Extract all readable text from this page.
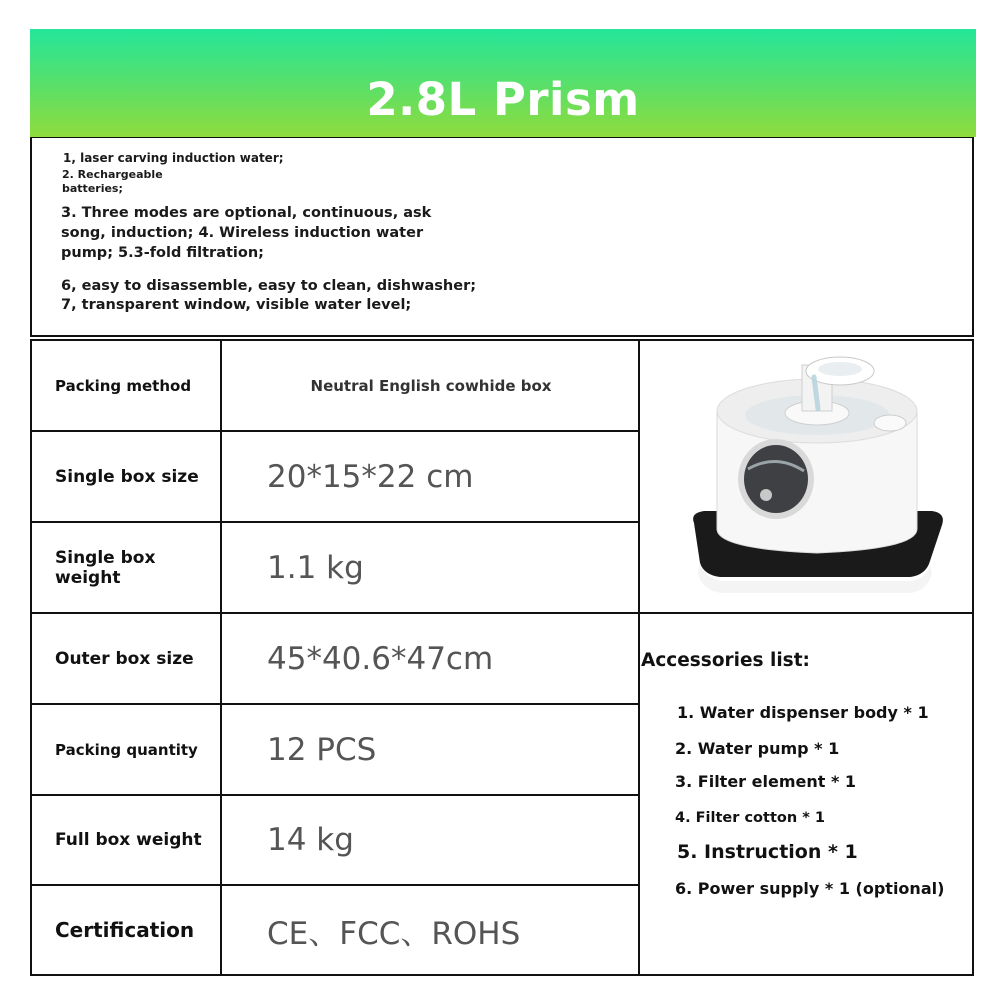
2.8L Prism
1, laser carving induction water;
2. Rechargeable batteries;
3. Three modes are optional, continuous, ask song, induction; 4. Wireless induction water pump; 5.3-fold filtration;
6, easy to disassemble, easy to clean, dishwasher;
7, transparent window, visible water level;
Packing method	Neutral English cowhide box
Single box size	20*15*22 cm
Single box weight	1.1 kg
Outer box size	45*40.6*47cm
Packing quantity	12 PCS
Full box weight	14 kg
Certification	CE、FCC、ROHS
Accessories list:
1. Water dispenser body * 1
2. Water pump * 1
3. Filter element * 1
4. Filter cotton * 1
5. Instruction * 1
6. Power supply * 1 (optional)
